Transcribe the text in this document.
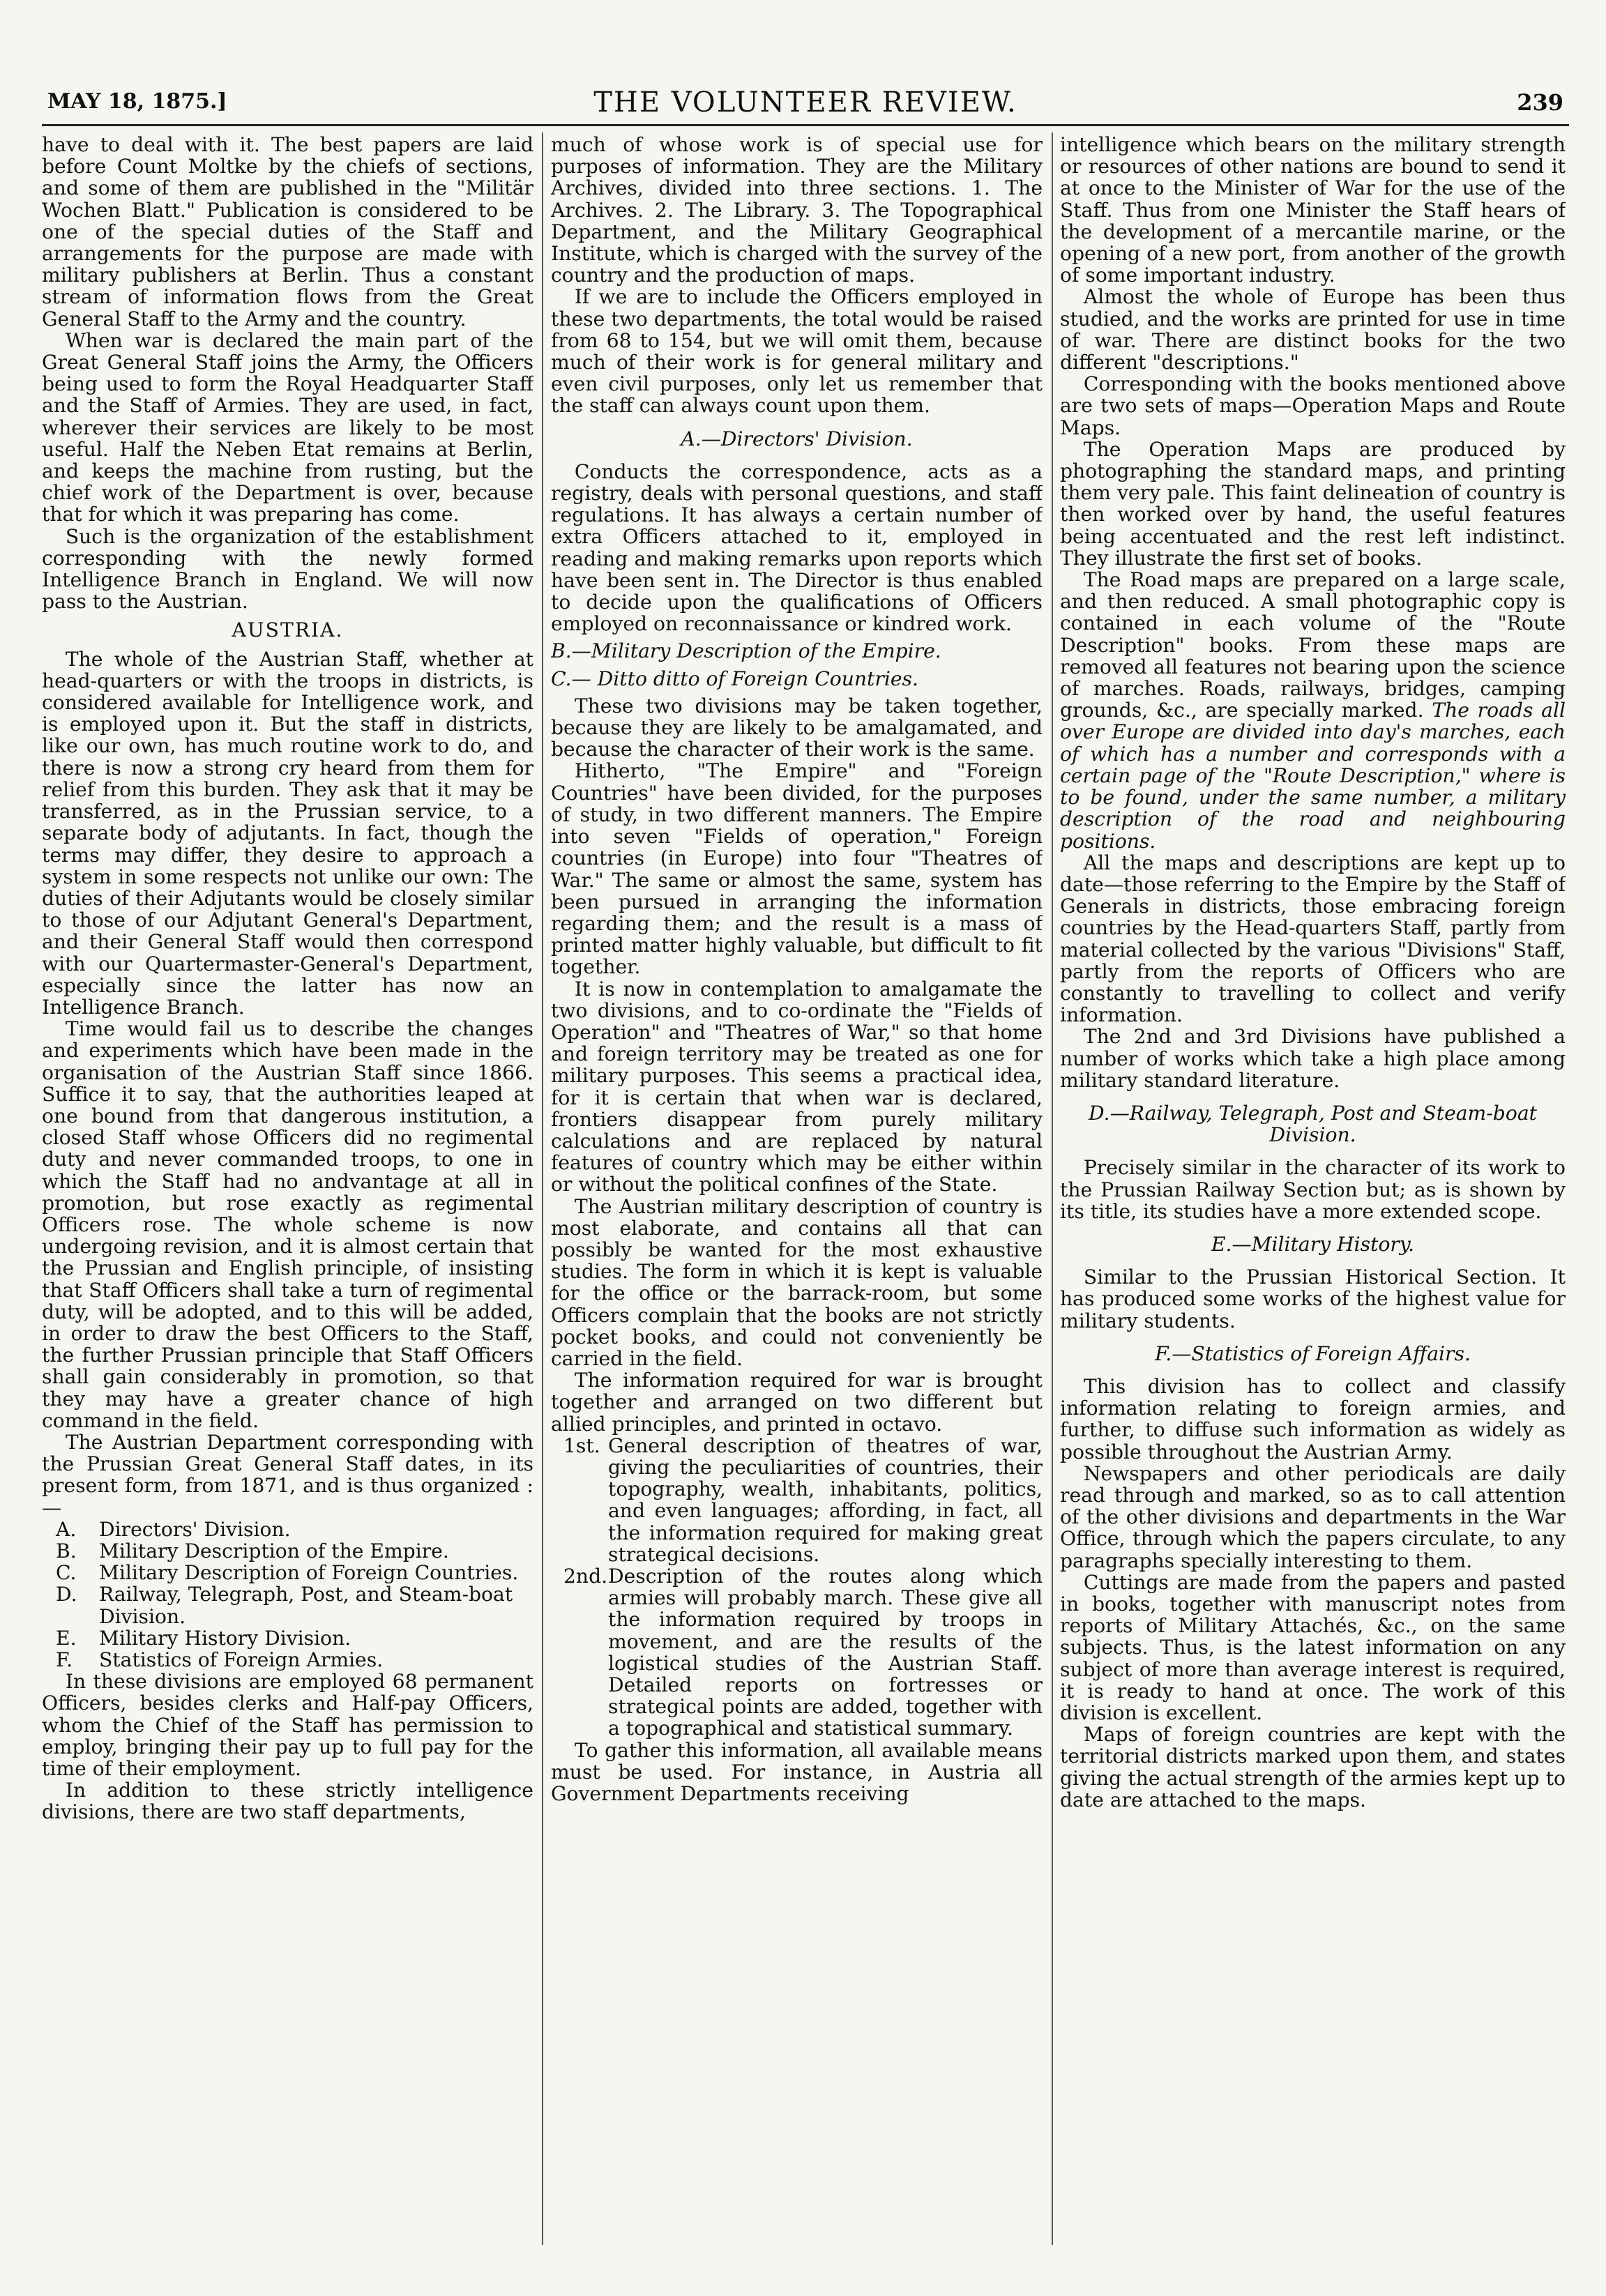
MAY 18, 1875.]	THE VOLUNTEER REVIEW.	239

have to deal with it. The best papers are laid before Count Moltke by the chiefs of sections, and some of them are published in the "Militär Wochen Blatt." Publication is considered to be one of the special duties of the Staff and arrangements for the purpose are made with military publishers at Berlin. Thus a constant stream of information flows from the Great General Staff to the Army and the country.

When war is declared the main part of the Great General Staff joins the Army, the Officers being used to form the Royal Headquarter Staff and the Staff of Armies. They are used, in fact, wherever their services are likely to be most useful. Half the Neben Etat remains at Berlin, and keeps the machine from rusting, but the chief work of the Department is over, because that for which it was preparing has come.

Such is the organization of the establishment corresponding with the newly formed Intelligence Branch in England. We will now pass to the Austrian.

AUSTRIA.

The whole of the Austrian Staff, whether at head-quarters or with the troops in districts, is considered available for Intelligence work, and is employed upon it. But the staff in districts, like our own, has much routine work to do, and there is now a strong cry heard from them for relief from this burden. They ask that it may be transferred, as in the Prussian service, to a separate body of adjutants. In fact, though the terms may differ, they desire to approach a system in some respects not unlike our own: The duties of their Adjutants would be closely similar to those of our Adjutant General's Department, and their General Staff would then correspond with our Quartermaster-General's Department, especially since the latter has now an Intelligence Branch.

Time would fail us to describe the changes and experiments which have been made in the organisation of the Austrian Staff since 1866. Suffice it to say, that the authorities leaped at one bound from that dangerous institution, a closed Staff whose Officers did no regimental duty and never commanded troops, to one in which the Staff had no andvantage at all in promotion, but rose exactly as regimental Officers rose. The whole scheme is now undergoing revision, and it is almost certain that the Prussian and English principle, of insisting that Staff Officers shall take a turn of regimental duty, will be adopted, and to this will be added, in order to draw the best Officers to the Staff, the further Prussian principle that Staff Officers shall gain considerably in promotion, so that they may have a greater chance of high command in the field.

The Austrian Department corresponding with the Prussian Great General Staff dates, in its present form, from 1871, and is thus organized :—

A.	Directors' Division.
B.	Military Description of the Empire.
C.	Military Description of Foreign Countries.
D.	Railway, Telegraph, Post, and Steam-boat Division.
E.	Military History Division.
F.	Statistics of Foreign Armies.

In these divisions are employed 68 permanent Officers, besides clerks and Half-pay Officers, whom the Chief of the Staff has permission to employ, bringing their pay up to full pay for the time of their employment.

In addition to these strictly intelligence divisions, there are two staff departments,

much of whose work is of special use for purposes of information. They are the Military Archives, divided into three sections. 1. The Archives. 2. The Library. 3. The Topographical Department, and the Military Geographical Institute, which is charged with the survey of the country and the production of maps.

If we are to include the Officers employed in these two departments, the total would be raised from 68 to 154, but we will omit them, because much of their work is for general military and even civil purposes, only let us remember that the staff can always count upon them.

A.—Directors' Division.

Conducts the correspondence, acts as a registry, deals with personal questions, and staff regulations. It has always a certain number of extra Officers attached to it, employed in reading and making remarks upon reports which have been sent in. The Director is thus enabled to decide upon the qualifications of Officers employed on reconnaissance or kindred work.

B.—Military Description of the Empire.
C.— Ditto ditto of Foreign Countries.

These two divisions may be taken together, because they are likely to be amalgamated, and because the character of their work is the same.

Hitherto, "The Empire" and "Foreign Countries" have been divided, for the purposes of study, in two different manners. The Empire into seven "Fields of operation," Foreign countries (in Europe) into four "Theatres of War." The same or almost the same, system has been pursued in arranging the information regarding them; and the result is a mass of printed matter highly valuable, but difficult to fit together.

It is now in contemplation to amalgamate the two divisions, and to co-ordinate the "Fields of Operation" and "Theatres of War," so that home and foreign territory may be treated as one for military purposes. This seems a practical idea, for it is certain that when war is declared, frontiers disappear from purely military calculations and are replaced by natural features of country which may be either within or without the political confines of the State.

The Austrian military description of country is most elaborate, and contains all that can possibly be wanted for the most exhaustive studies. The form in which it is kept is valuable for the office or the barrack-room, but some Officers complain that the books are not strictly pocket books, and could not conveniently be carried in the field.

The information required for war is brought together and arranged on two different but allied principles, and printed in octavo.

1st. General description of theatres of war, giving the peculiarities of countries, their topography, wealth, inhabitants, politics, and even languages; affording, in fact, all the information required for making great strategical decisions.
2nd. Description of the routes along which armies will probably march. These give all the information required by troops in movement, and are the results of the logistical studies of the Austrian Staff. Detailed reports on fortresses or strategical points are added, together with a topographical and statistical summary.

To gather this information, all available means must be used. For instance, in Austria all Government Departments receiving

intelligence which bears on the military strength or resources of other nations are bound to send it at once to the Minister of War for the use of the Staff. Thus from one Minister the Staff hears of the development of a mercantile marine, or the opening of a new port, from another of the growth of some important industry.

Almost the whole of Europe has been thus studied, and the works are printed for use in time of war. There are distinct books for the two different "descriptions."

Corresponding with the books mentioned above are two sets of maps—Operation Maps and Route Maps.

The Operation Maps are produced by photographing the standard maps, and printing them very pale. This faint delineation of country is then worked over by hand, the useful features being accentuated and the rest left indistinct. They illustrate the first set of books.

The Road maps are prepared on a large scale, and then reduced. A small photographic copy is contained in each volume of the "Route Description" books. From these maps are removed all features not bearing upon the science of marches. Roads, railways, bridges, camping grounds, &c., are specially marked. The roads all over Europe are divided into day's marches, each of which has a number and corresponds with a certain page of the "Route Description," where is to be found, under the same number, a military description of the road and neighbouring positions.

All the maps and descriptions are kept up to date—those referring to the Empire by the Staff of Generals in districts, those embracing foreign countries by the Head-quarters Staff, partly from material collected by the various "Divisions" Staff, partly from the reports of Officers who are constantly to travelling to collect and verify information.

The 2nd and 3rd Divisions have published a number of works which take a high place among military standard literature.

D.—Railway, Telegraph, Post and Steam-boat Division.

Precisely similar in the character of its work to the Prussian Railway Section but; as is shown by its title, its studies have a more extended scope.

E.—Military History.

Similar to the Prussian Historical Section. It has produced some works of the highest value for military students.

F.—Statistics of Foreign Affairs.

This division has to collect and classify information relating to foreign armies, and further, to diffuse such information as widely as possible throughout the Austrian Army.

Newspapers and other periodicals are daily read through and marked, so as to call attention of the other divisions and departments in the War Office, through which the papers circulate, to any paragraphs specially interesting to them.

Cuttings are made from the papers and pasted in books, together with manuscript notes from reports of Military Attachés, &c., on the same subjects. Thus, is the latest information on any subject of more than average interest is required, it is ready to hand at once. The work of this division is excellent.

Maps of foreign countries are kept with the territorial districts marked upon them, and states giving the actual strength of the armies kept up to date are attached to the maps.
